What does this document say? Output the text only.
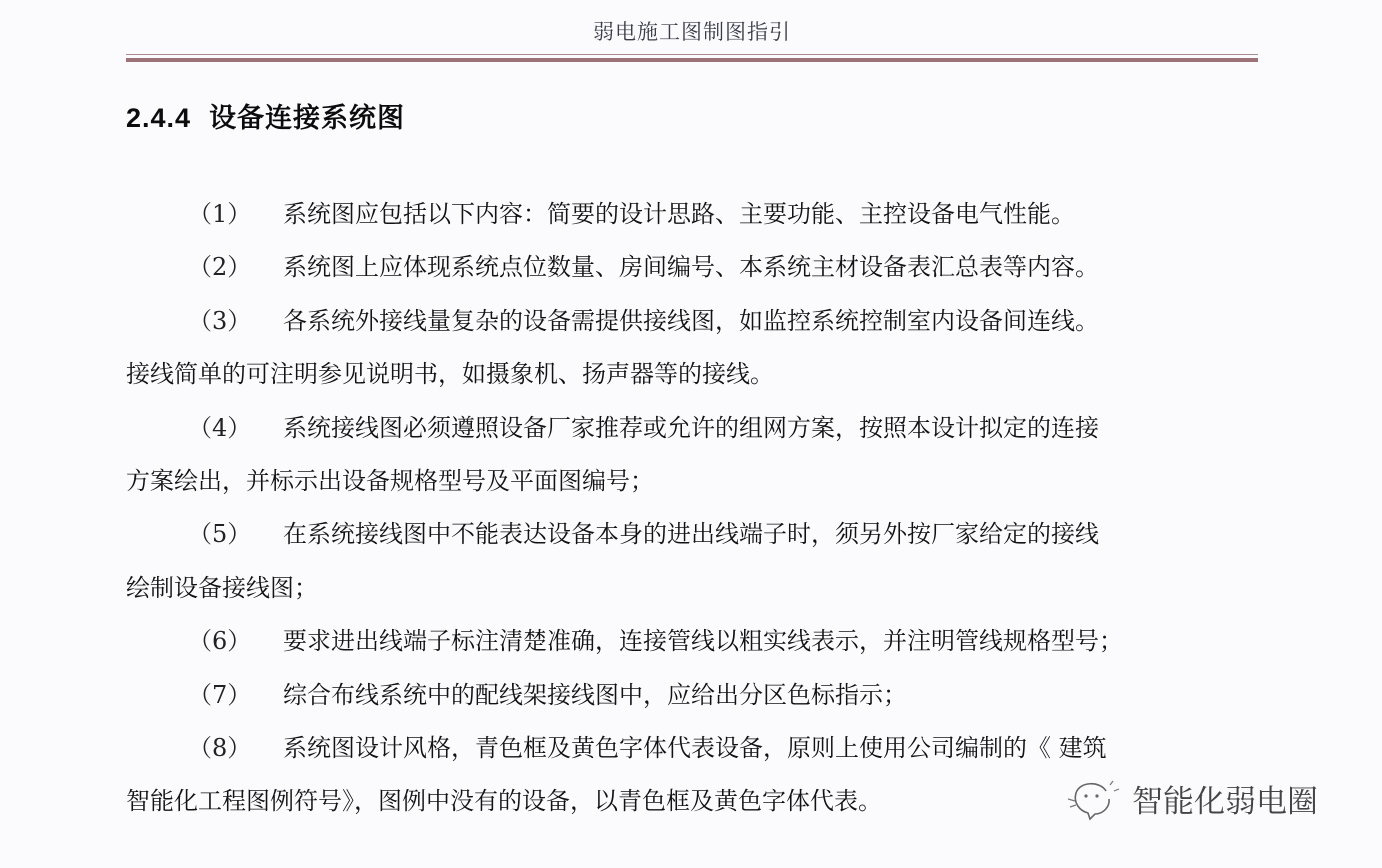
弱电施工图制图指引
2.4.4 设备连接系统图
（1） 系统图应包括以下内容：简要的设计思路、主要功能、主控设备电气性能。
（2） 系统图上应体现系统点位数量、房间编号、本系统主材设备表汇总表等内容。
（3） 各系统外接线量复杂的设备需提供接线图，如监控系统控制室内设备间连线。
接线简单的可注明参见说明书，如摄象机、扬声器等的接线。
（4） 系统接线图必须遵照设备厂家推荐或允许的组网方案，按照本设计拟定的连接
方案绘出，并标示出设备规格型号及平面图编号；
（5） 在系统接线图中不能表达设备本身的进出线端子时，须另外按厂家给定的接线
绘制设备接线图；
（6） 要求进出线端子标注清楚准确，连接管线以粗实线表示，并注明管线规格型号；
（7） 综合布线系统中的配线架接线图中，应给出分区色标指示；
（8） 系统图设计风格，青色框及黄色字体代表设备，原则上使用公司编制的《 建筑
智能化工程图例符号》，图例中没有的设备，以青色框及黄色字体代表。	智能化弱电圈
